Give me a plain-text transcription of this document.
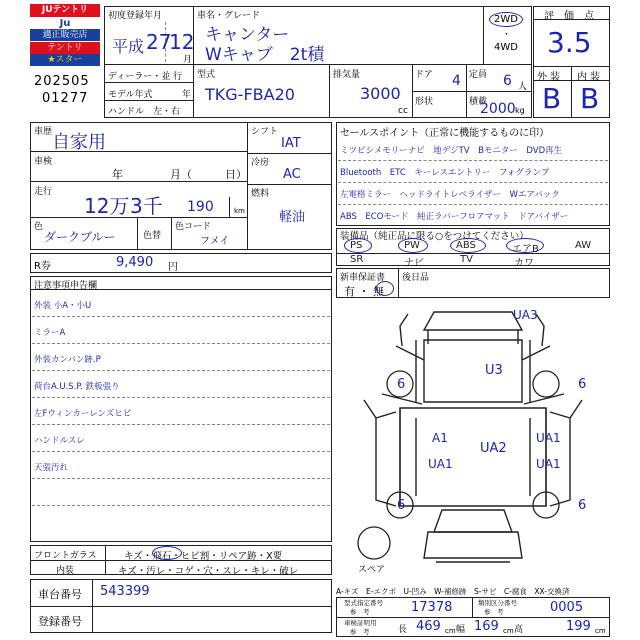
JUテントリ
Ju
適正販売店
テントリ
★スター
202505
01277
初度登録年月
平成 27
12
月
車名・グレード
キャンター
Wキャブ　2t積
2WD
・
4WD
ディーラー・並 行
モデル年式	年
ハンドル　左・右
型式
TKG-FBA20
排気量
3000
cc
ドア 4 定員 6 人
形状	積載
2000 kg
評　価　点
3.5
外 装 内 装
B B
車歴 自家用
車検
年	月（	日）
走行
12万 3千 190	km
色
ダークブルー	色替
色コード
フメイ
シフト
IAT
冷房
AC
燃料
軽油
R券	9,490 円
セールスポイント（正常に機能するものに印）
ミツビシメモリーナビ　地デジTV　Bモニター　DVD再生
Bluetooth　ETC　キーレスエントリー　フォグランプ
左電格ミラー　ヘッドライトレベライザー　Wエアバック
ABS　ECOモード　純正ラバーフロアマット　ドアバイザー
装備品（純正品に限る○をつけてください）
PS	PW	ABS	エアB	AW
SR	ナビ	TV	カワ
新車保証書
有 ・ 無
後日品
注意事項申告欄
外装 小A・小U
ミラーA
外装カンバン跡.P
荷台A.U.S.P. 鉄板張り
左Fウィンカーレンズヒビ
ハンドルスレ
天張汚れ
フロントガラス	キズ・飛石・ヒビ割・リペア跡・X要
内装	キズ・汚レ・コゲ・穴・スレ・キレ・破レ
車台番号 543399
登録番号
UA3
U3
UA2
A1
UA1
UA1
UA1
6	6
6	6
スペア
A-キズ　E-エクボ　U-凹み　W-補修跡　S-サビ　C-腐食　XX-交換済
型式指定番号
参　考	17378	類別区分番号
参　考	0005
車検証明用
参　考	長 469 cm 幅 169 cm 高	199 cm
